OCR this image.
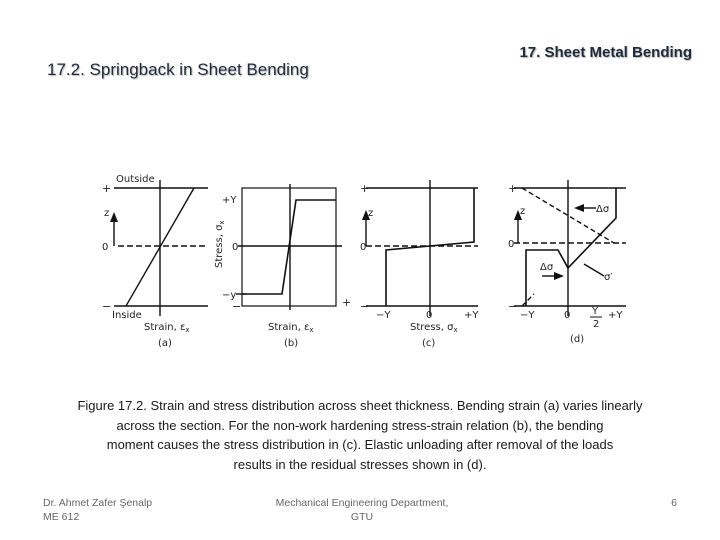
17.2. Springback in Sheet Bending
17. Sheet Metal Bending
Outside
Inside
+
−
z
0
Strain, $\varepsilon_x$
(a)
+Y
−y
0
Stress, $\sigma_x$
−	+
Strain, $\varepsilon_x$
(b)
+
−
z
0
−Y	0	+Y
Stress, $\sigma_x$
(c)
+
−
z
0
Δσ
Δσ
σ′
−Y	0 Y
2
+Y
(d)
Figure 17.2. Strain and stress distribution across sheet thickness. Bending strain (a) varies linearly
across the section. For the non-work hardening stress-strain relation (b), the bending
moment causes the stress distribution in (c). Elastic unloading after removal of the loads
results in the residual stresses shown in (d).
Dr. Ahmet Zafer Şenalp
ME 612
Mechanical Engineering Department,
GTU
6
